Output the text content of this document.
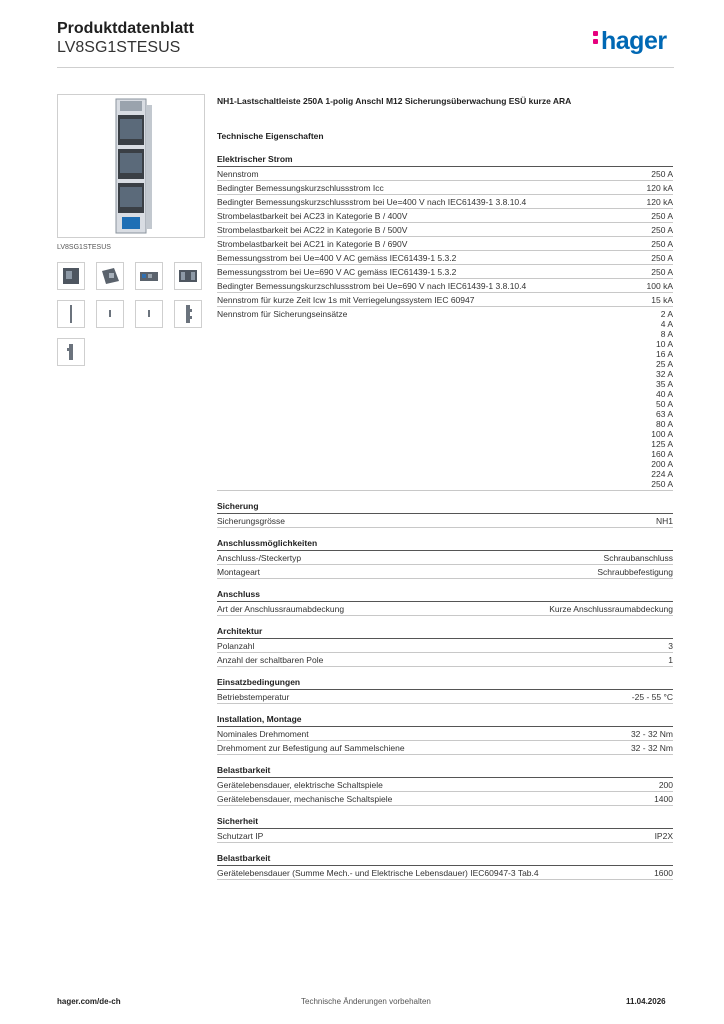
Produktdatenblatt
LV8SG1STESUS	hager
LV8SG1STESUS
NH1-Lastschaltleiste 250A 1-polig Anschl M12 Sicherungsüberwachung ESÜ kurze ARA
Technische Eigenschaften
Elektrischer Strom
Nennstrom	250 A
Bedingter Bemessungskurzschlussstrom Icc	120 kA
Bedingter Bemessungskurzschlussstrom bei Ue=400 V nach IEC61439-1 3.8.10.4	120 kA
Strombelastbarkeit bei AC23 in Kategorie B / 400V	250 A
Strombelastbarkeit bei AC22 in Kategorie B / 500V	250 A
Strombelastbarkeit bei AC21 in Kategorie B / 690V	250 A
Bemessungsstrom bei Ue=400 V AC gemäss IEC61439-1 5.3.2	250 A
Bemessungsstrom bei Ue=690 V AC gemäss IEC61439-1 5.3.2	250 A
Bedingter Bemessungskurzschlussstrom bei Ue=690 V nach IEC61439-1 3.8.10.4	100 kA
Nennstrom für kurze Zeit Icw 1s mit Verriegelungssystem IEC 60947	15 kA
Nennstrom für Sicherungseinsätze	2 A
4 A
8 A
10 A
16 A
25 A
32 A
35 A
40 A
50 A
63 A
80 A
100 A
125 A
160 A
200 A
224 A
250 A
Sicherung
Sicherungsgrösse	NH1
Anschlussmöglichkeiten
Anschluss-/Steckertyp	Schraubanschluss
Montageart	Schraubbefestigung
Anschluss
Art der Anschlussraumabdeckung	Kurze Anschlussraumabdeckung
Architektur
Polanzahl	3
Anzahl der schaltbaren Pole	1
Einsatzbedingungen
Betriebstemperatur	-25 - 55 °C
Installation, Montage
Nominales Drehmoment	32 - 32 Nm
Drehmoment zur Befestigung auf Sammelschiene	32 - 32 Nm
Belastbarkeit
Gerätelebensdauer, elektrische Schaltspiele	200
Gerätelebensdauer, mechanische Schaltspiele	1400
Sicherheit
Schutzart IP	IP2X
Belastbarkeit
Gerätelebensdauer (Summe Mech.- und Elektrische Lebensdauer) IEC60947-3 Tab.4	1600
hager.com/de-ch	Technische Änderungen vorbehalten	11.04.2026
